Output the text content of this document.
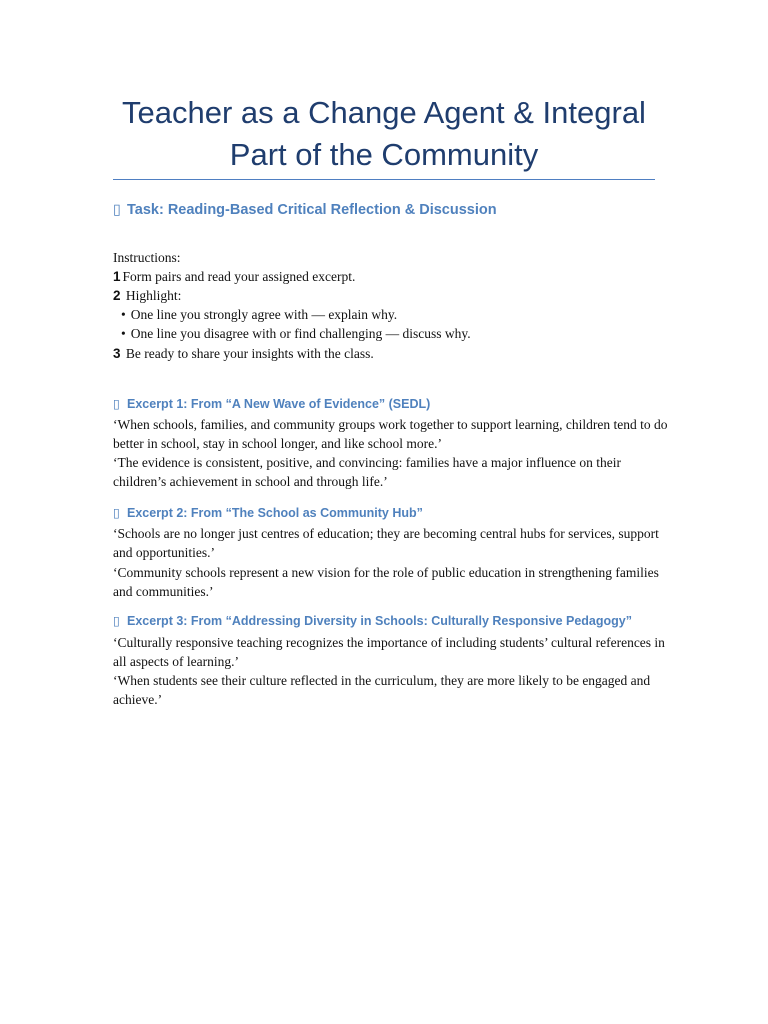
Teacher as a Change Agent & Integral
Part of the Community
▯ Task: Reading-Based Critical Reflection & Discussion
Instructions:
1 Form pairs and read your assigned excerpt.
2 Highlight:
• One line you strongly agree with — explain why.
• One line you disagree with or find challenging — discuss why.
3 Be ready to share your insights with the class.
▯ Excerpt 1: From “A New Wave of Evidence” (SEDL)

‘When schools, families, and community groups work together to support learning, children tend to do better in school, stay in school longer, and like school more.’

‘The evidence is consistent, positive, and convincing: families have a major influence on their children’s achievement in school and through life.’

▯ Excerpt 2: From “The School as Community Hub”

‘Schools are no longer just centres of education; they are becoming central hubs for services, support and opportunities.’

‘Community schools represent a new vision for the role of public education in strengthening families and communities.’

▯ Excerpt 3: From “Addressing Diversity in Schools: Culturally Responsive Pedagogy”

‘Culturally responsive teaching recognizes the importance of including students’ cultural references in all aspects of learning.’

‘When students see their culture reflected in the curriculum, they are more likely to be engaged and achieve.’
